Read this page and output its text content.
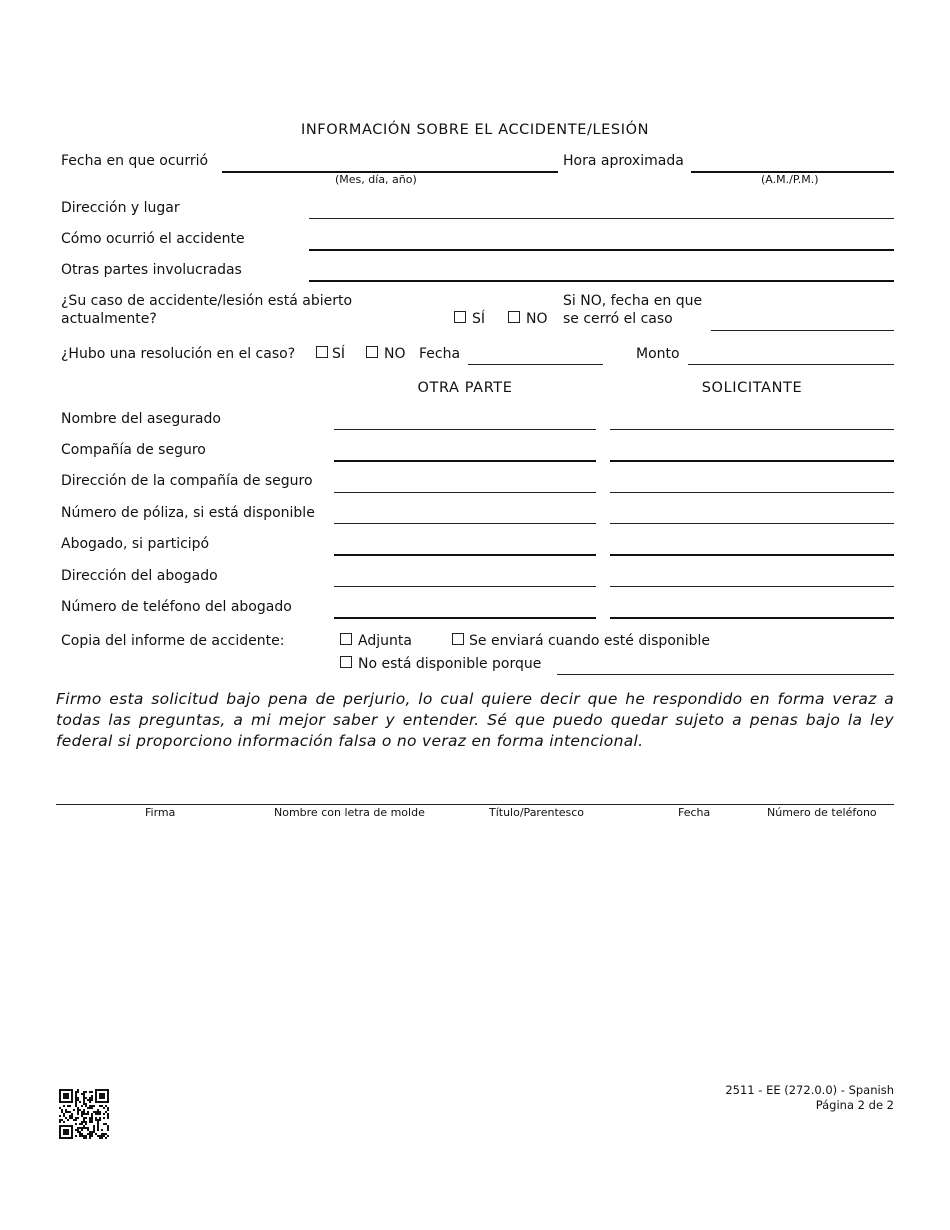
INFORMACIÓN SOBRE EL ACCIDENTE/LESIÓN
Fecha en que ocurrió
(Mes, día, año)
Hora aproximada
(A.M./P.M.)
Dirección y lugar
Cómo ocurrió el accidente
Otras partes involucradas
¿Su caso de accidente/lesión está abierto
actualmente?	SÍ	NO
Si NO, fecha en que
se cerró el caso
¿Hubo una resolución en el caso?	SÍ	NO Fecha	Monto
OTRA PARTE	SOLICITANTE
Nombre del asegurado
Compañía de seguro
Dirección de la compañía de seguro
Número de póliza, si está disponible
Abogado, si participó
Dirección del abogado
Número de teléfono del abogado
Copia del informe de accidente:	Adjunta	Se enviará cuando esté disponible
No está disponible porque
Firmo esta solicitud bajo pena de perjurio, lo cual quiere decir que he respondido en forma veraz a todas las preguntas, a mi mejor saber y entender. Sé que puedo quedar sujeto a penas bajo la ley federal si proporciono información falsa o no veraz en forma intencional.
Firma	Nombre con letra de molde	Título/Parentesco	Fecha	Número de teléfono
2511 - EE (272.0.0) - Spanish
Página 2 de 2
